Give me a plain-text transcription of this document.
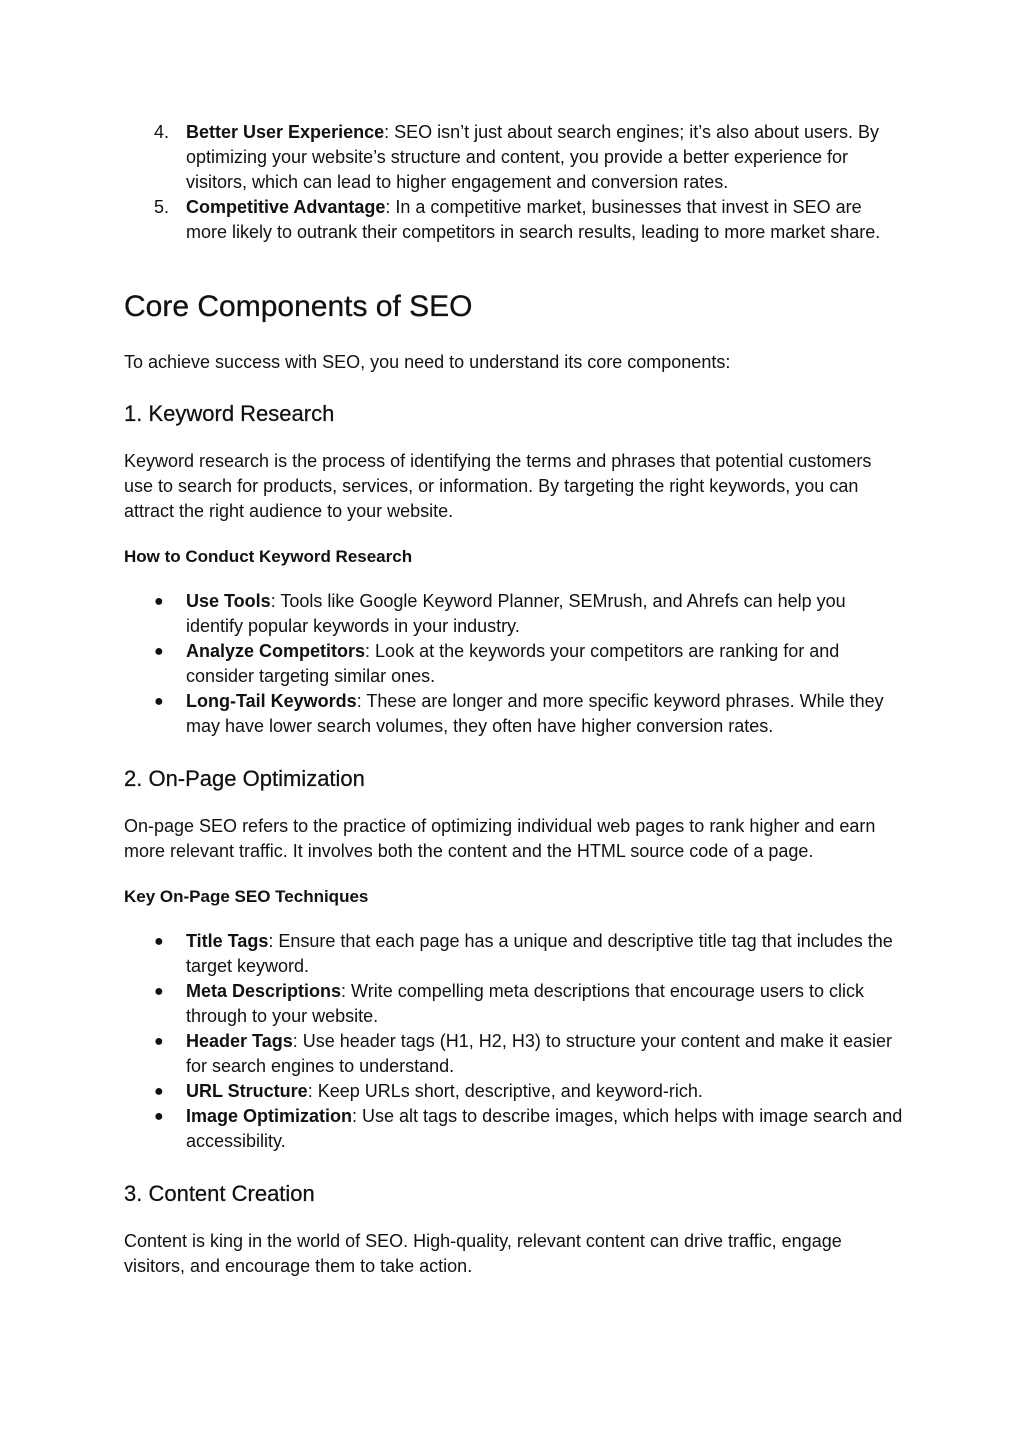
4. Better User Experience: SEO isn’t just about search engines; it’s also about users. By optimizing your website’s structure and content, you provide a better experience for visitors, which can lead to higher engagement and conversion rates.
5. Competitive Advantage: In a competitive market, businesses that invest in SEO are more likely to outrank their competitors in search results, leading to more market share.
Core Components of SEO

To achieve success with SEO, you need to understand its core components:

1. Keyword Research

Keyword research is the process of identifying the terms and phrases that potential customers use to search for products, services, or information. By targeting the right keywords, you can attract the right audience to your website.

How to Conduct Keyword Research
●	Use Tools: Tools like Google Keyword Planner, SEMrush, and Ahrefs can help you identify popular keywords in your industry.
●	Analyze Competitors: Look at the keywords your competitors are ranking for and consider targeting similar ones.
●	Long-Tail Keywords: These are longer and more specific keyword phrases. While they may have lower search volumes, they often have higher conversion rates.
2. On-Page Optimization

On-page SEO refers to the practice of optimizing individual web pages to rank higher and earn more relevant traffic. It involves both the content and the HTML source code of a page.

Key On-Page SEO Techniques
●	Title Tags: Ensure that each page has a unique and descriptive title tag that includes the target keyword.
●	Meta Descriptions: Write compelling meta descriptions that encourage users to click through to your website.
●	Header Tags: Use header tags (H1, H2, H3) to structure your content and make it easier for search engines to understand.
●	URL Structure: Keep URLs short, descriptive, and keyword-rich.
●	Image Optimization: Use alt tags to describe images, which helps with image search and accessibility.
3. Content Creation

Content is king in the world of SEO. High-quality, relevant content can drive traffic, engage visitors, and encourage them to take action.
